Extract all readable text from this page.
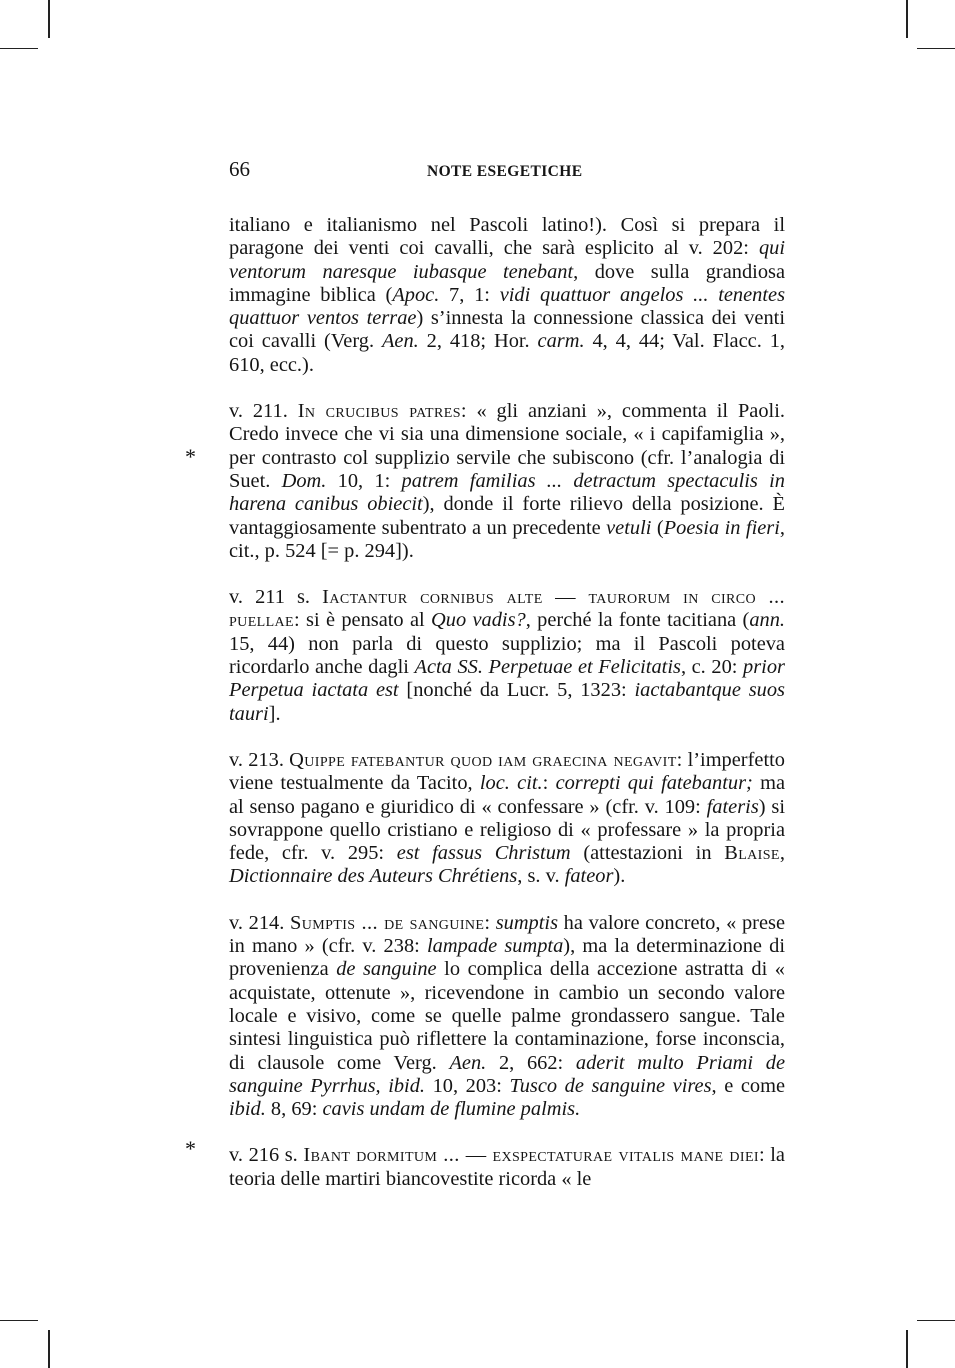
66	NOTE ESEGETICHE
*
*

italiano e italianismo nel Pascoli latino!). Così si prepara il paragone dei venti coi cavalli, che sarà esplicito al v. 202: qui ventorum naresque iubasque tenebant, dove sulla grandiosa immagine biblica (Apoc. 7, 1: vidi quattuor angelos ... tenentes quattuor ventos terrae) s’innesta la connessione classica dei venti coi cavalli (Verg. Aen. 2, 418; Hor. carm. 4, 4, 44; Val. Flacc. 1, 610, ecc.).

v. 211. In crucibus patres: « gli anziani », commenta il Paoli. Credo invece che vi sia una dimensione sociale, « i capifamiglia », per contrasto col supplizio servile che subiscono (cfr. l’analogia di Suet. Dom. 10, 1: patrem familias ... detractum spectaculis in harena canibus obiecit), donde il forte rilievo della posizione. È vantaggiosamente subentrato a un precedente vetuli (Poesia in fieri, cit., p. 524 [= p. 294]).

v. 211 s. Iactantur cornibus alte — taurorum in circo ... puellae: si è pensato al Quo vadis?, perché la fonte tacitiana (ann. 15, 44) non parla di questo supplizio; ma il Pascoli poteva ricordarlo anche dagli Acta SS. Perpetuae et Felicitatis, c. 20: prior Perpetua iactata est [nonché da Lucr. 5, 1323: iactabantque suos tauri].

v. 213. Quippe fatebantur quod iam graecina negavit: l’imperfetto viene testualmente da Tacito, loc. cit.: correpti qui fatebantur; ma al senso pagano e giuridico di « confessare » (cfr. v. 109: fateris) si sovrappone quello cristiano e religioso di « professare » la propria fede, cfr. v. 295: est fassus Christum (attestazioni in Blaise, Dictionnaire des Auteurs Chrétiens, s. v. fateor).

v. 214. Sumptis ... de sanguine: sumptis ha valore concreto, « prese in mano » (cfr. v. 238: lampade sumpta), ma la determinazione di provenienza de sanguine lo complica della accezione astratta di « acquistate, ottenute », ricevendone in cambio un secondo valore locale e visivo, come se quelle palme grondassero sangue. Tale sintesi linguistica può riflettere la contaminazione, forse inconscia, di clausole come Verg. Aen. 2, 662: aderit multo Priami de sanguine Pyrrhus, ibid. 10, 203: Tusco de sanguine vires, e come ibid. 8, 69: cavis undam de flumine palmis.

v. 216 s. Ibant dormitum ... — exspectaturae vitalis mane diei: la teoria delle martiri biancovestite ricorda « le
